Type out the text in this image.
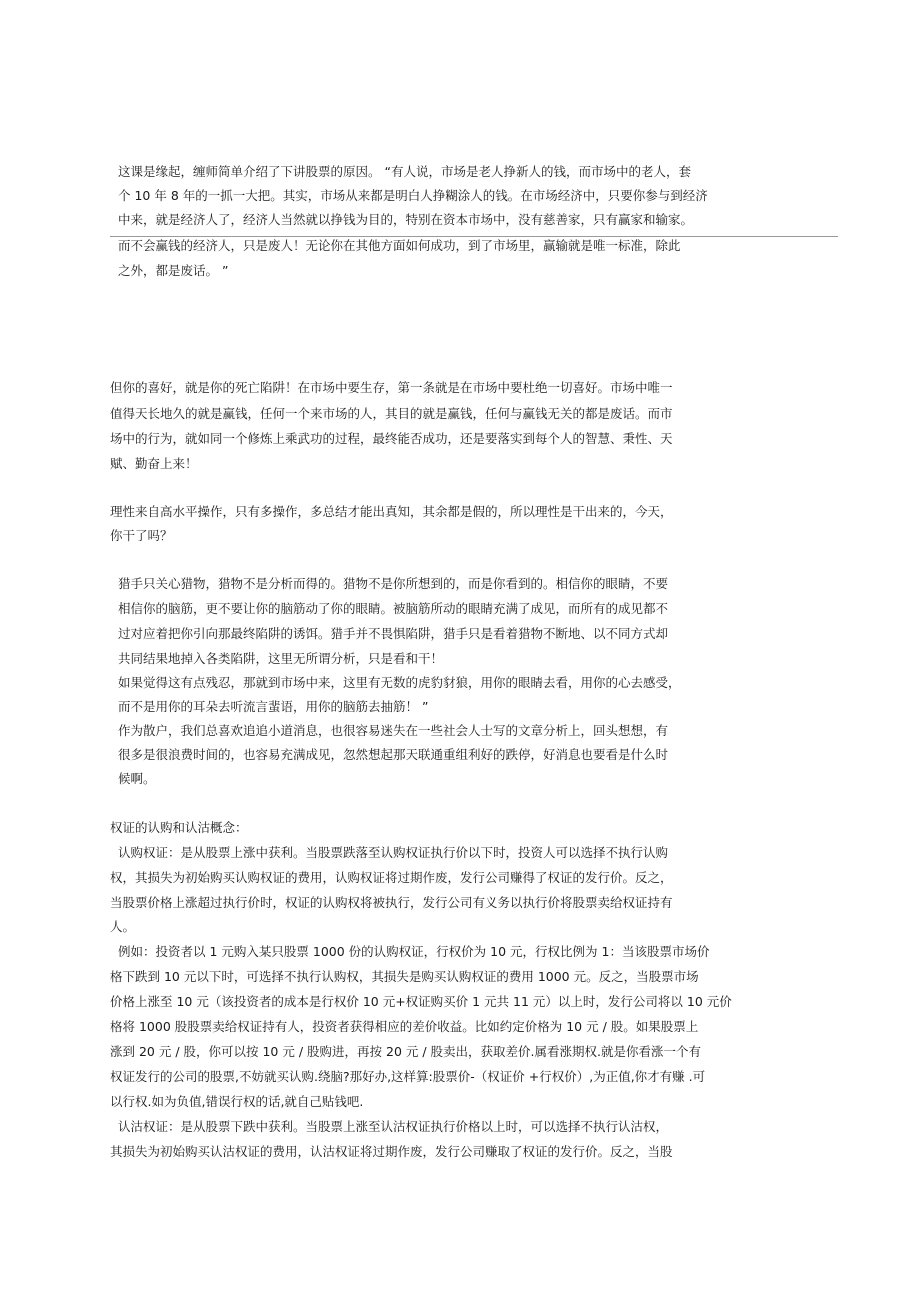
这课是缘起，缠师简单介绍了下讲股票的原因。 “有人说，市场是老人挣新人的钱，而市场中的老人，套
个 10 年 8 年的一抓一大把。其实，市场从来都是明白人挣糊涂人的钱。在市场经济中，只要你参与到经济
中来，就是经济人了，经济人当然就以挣钱为目的，特别在资本市场中，没有慈善家，只有赢家和输家。
而不会赢钱的经济人，只是废人！无论你在其他方面如何成功，到了市场里，赢输就是唯一标准，除此
之外，都是废话。 ”
但你的喜好，就是你的死亡陷阱！在市场中要生存，第一条就是在市场中要杜绝一切喜好。市场中唯一
值得天长地久的就是赢钱，任何一个来市场的人，其目的就是赢钱，任何与赢钱无关的都是废话。而市
场中的行为，就如同一个修炼上乘武功的过程，最终能否成功，还是要落实到每个人的智慧、秉性、天
赋、勤奋上来！
理性来自高水平操作，只有多操作，多总结才能出真知，其余都是假的，所以理性是干出来的，今天，
你干了吗？
猎手只关心猎物，猎物不是分析而得的。猎物不是你所想到的，而是你看到的。相信你的眼睛，不要
相信你的脑筋，更不要让你的脑筋动了你的眼睛。被脑筋所动的眼睛充满了成见，而所有的成见都不
过对应着把你引向那最终陷阱的诱饵。猎手并不畏惧陷阱，猎手只是看着猎物不断地、以不同方式却
共同结果地掉入各类陷阱，这里无所谓分析，只是看和干！
如果觉得这有点残忍，那就到市场中来，这里有无数的虎豹豺狼，用你的眼睛去看，用你的心去感受，
而不是用你的耳朵去听流言蜚语，用你的脑筋去抽筋！ ”
作为散户，我们总喜欢追追小道消息，也很容易迷失在一些社会人士写的文章分析上，回头想想，有
很多是很浪费时间的，也容易充满成见，忽然想起那天联通重组利好的跌停，好消息也要看是什么时
候啊。
权证的认购和认沽概念：
认购权证：是从股票上涨中获利。当股票跌落至认购权证执行价以下时，投资人可以选择不执行认购
权，其损失为初始购买认购权证的费用，认购权证将过期作废，发行公司赚得了权证的发行价。反之，
当股票价格上涨超过执行价时，权证的认购权将被执行，发行公司有义务以执行价将股票卖给权证持有
人。
例如：投资者以 1 元购入某只股票 1000 份的认购权证，行权价为 10 元，行权比例为 1：当该股票市场价
格下跌到 10 元以下时，可选择不执行认购权，其损失是购买认购权证的费用 1000 元。反之，当股票市场
价格上涨至 10 元（该投资者的成本是行权价 10 元+权证购买价 1 元共 11 元）以上时，发行公司将以 10 元价
格将 1000 股股票卖给权证持有人，投资者获得相应的差价收益。比如约定价格为 10 元 / 股。如果股票上
涨到 20 元 / 股，你可以按 10 元 / 股购进，再按 20 元 / 股卖出，获取差价.属看涨期权.就是你看涨一个有
权证发行的公司的股票,不妨就买认购.绕脑?那好办,这样算:股票价-（权证价 +行权价）,为正值,你才有赚 .可
以行权.如为负值,错误行权的话,就自己贴钱吧.
认沽权证：是从股票下跌中获利。当股票上涨至认沽权证执行价格以上时，可以选择不执行认沽权，
其损失为初始购买认沽权证的费用，认沽权证将过期作废，发行公司赚取了权证的发行价。反之，当股
